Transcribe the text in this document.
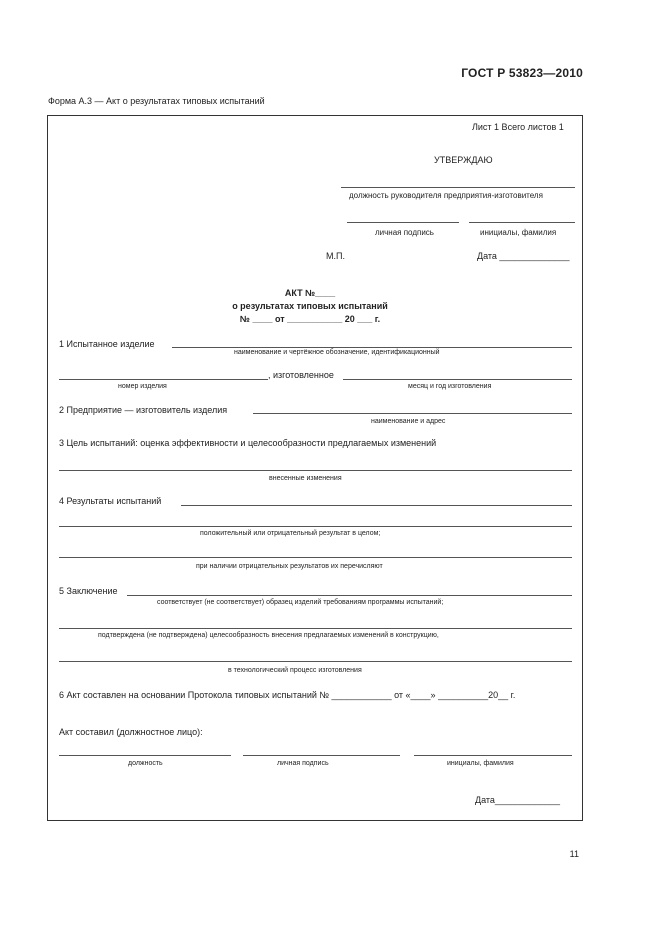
ГОСТ Р 53823—2010
Форма А.3 — Акт о результатах типовых испытаний
Лист 1 Всего листов 1
УТВЕРЖДАЮ
должность руководителя предприятия-изготовителя
личная подпись	инициалы, фамилия
М.П.	Дата ______________
АКТ №____
о результатах типовых испытаний
№ ____ от ___________ 20 ___ г.
1 Испытанное изделие
наименование и чертёжное обозначение, идентификационный
, изготовленное
номер изделия	месяц и год изготовления
2 Предприятие — изготовитель изделия
наименование и адрес
3 Цель испытаний: оценка эффективности и целесообразности предлагаемых изменений
внесенные изменения
4 Результаты испытаний
положительный или отрицательный результат в целом;
при наличии отрицательных результатов их перечисляют
5 Заключение
соответствует (не соответствует) образец изделий требованиям программы испытаний;
подтверждена (не подтверждена) целесообразность внесения предлагаемых изменений в конструкцию,
в технологический процесс изготовления
6 Акт составлен на основании Протокола типовых испытаний № ____________ от «____» __________20__ г.
Акт составил (должностное лицо):
должность	личная подпись	инициалы, фамилия
Дата_____________
11
